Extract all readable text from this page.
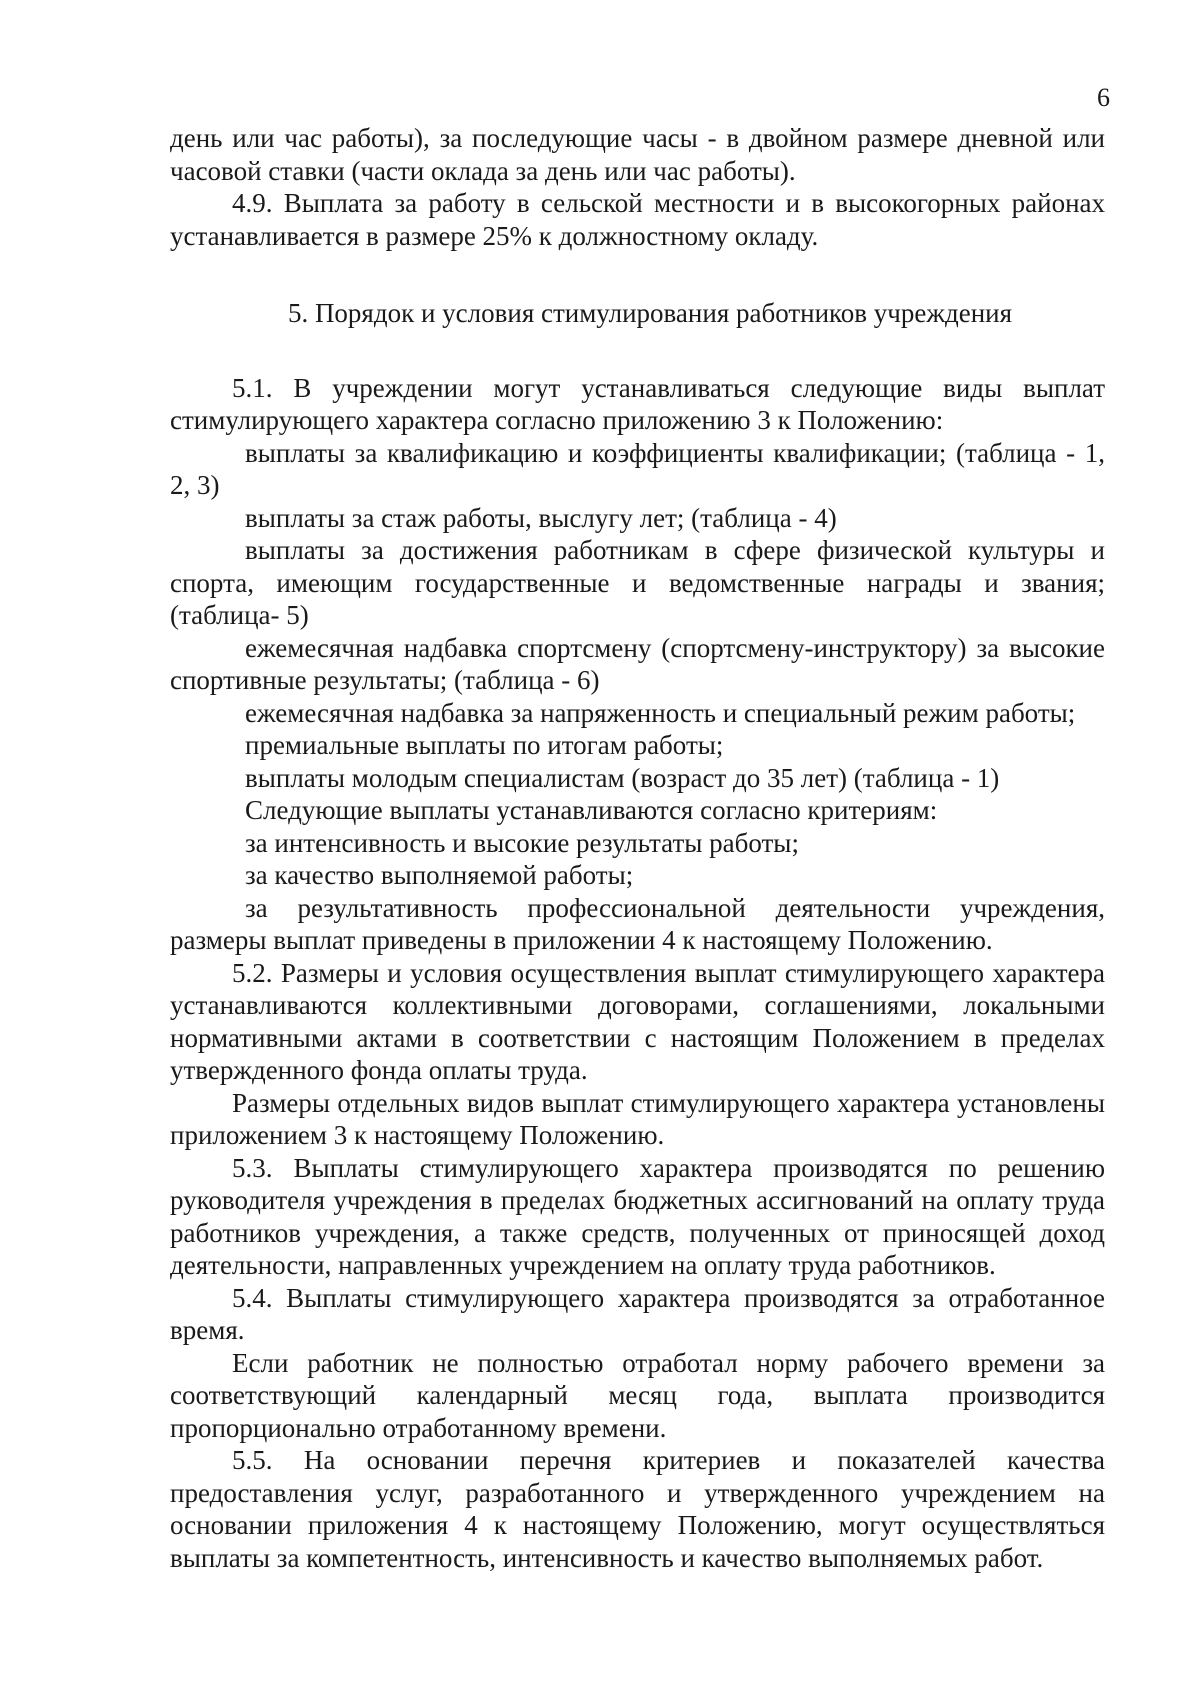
6

день или час работы), за последующие часы - в двойном размере дневной или часовой ставки (части оклада за день или час работы).

4.9. Выплата за работу в сельской местности и в высокогорных районах устанавливается в размере 25% к должностному окладу.

5. Порядок и условия стимулирования работников учреждения

5.1. В учреждении могут устанавливаться следующие виды выплат стимулирующего характера согласно приложению 3 к Положению:

выплаты за квалификацию и коэффициенты квалификации; (таблица - 1, 2, 3)

выплаты за стаж работы, выслугу лет; (таблица - 4)

выплаты за достижения работникам в сфере физической культуры и спорта, имеющим государственные и ведомственные награды и звания; (таблица- 5)

ежемесячная надбавка спортсмену (спортсмену-инструктору) за высокие спортивные результаты; (таблица - 6)

ежемесячная надбавка за напряженность и специальный режим работы;

премиальные выплаты по итогам работы;

выплаты молодым специалистам (возраст до 35 лет) (таблица - 1)

Следующие выплаты устанавливаются согласно критериям:

за интенсивность и высокие результаты работы;

за качество выполняемой работы;

за результативность профессиональной деятельности учреждения, размеры выплат приведены в приложении 4 к настоящему Положению.

5.2. Размеры и условия осуществления выплат стимулирующего характера устанавливаются коллективными договорами, соглашениями, локальными нормативными актами в соответствии с настоящим Положением в пределах утвержденного фонда оплаты труда.

Размеры отдельных видов выплат стимулирующего характера установлены приложением 3 к настоящему Положению.

5.3. Выплаты стимулирующего характера производятся по решению руководителя учреждения в пределах бюджетных ассигнований на оплату труда работников учреждения, а также средств, полученных от приносящей доход деятельности, направленных учреждением на оплату труда работников.

5.4. Выплаты стимулирующего характера производятся за отработанное время.

Если работник не полностью отработал норму рабочего времени за соответствующий календарный месяц года, выплата производится пропорционально отработанному времени.

5.5. На основании перечня критериев и показателей качества предоставления услуг, разработанного и утвержденного учреждением на основании приложения 4 к настоящему Положению, могут осуществляться выплаты за компетентность, интенсивность и качество выполняемых работ.
